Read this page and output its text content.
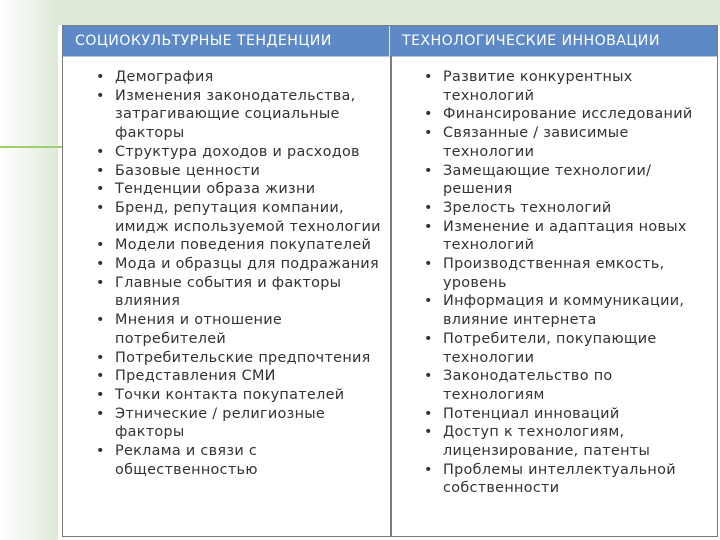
СОЦИОКУЛЬТУРНЫЕ ТЕНДЕНЦИИ	ТЕХНОЛОГИЧЕСКИЕ ИННОВАЦИИ
• Демография
• Изменения законодательства, затрагивающие социальные факторы
• Структура доходов и расходов
• Базовые ценности
• Тенденции образа жизни
• Бренд, репутация компании, имидж используемой технологии
• Модели поведения покупателей
• Мода и образцы для подражания
• Главные события и факторы влияния
• Мнения и отношение потребителей
• Потребительские предпочтения
• Представления СМИ
• Точки контакта покупателей
• Этнические / религиозные факторы
• Реклама и связи с общественностью
• Развитие конкурентных технологий
• Финансирование исследований
• Связанные / зависимые технологии
• Замещающие технологии/решения
• Зрелость технологий
• Изменение и адаптация новых технологий
• Производственная емкость, уровень
• Информация и коммуникации, влияние интернета
• Потребители, покупающие технологии
• Законодательство по технологиям
• Потенциал инноваций
• Доступ к технологиям, лицензирование, патенты
• Проблемы интеллектуальной собственности
